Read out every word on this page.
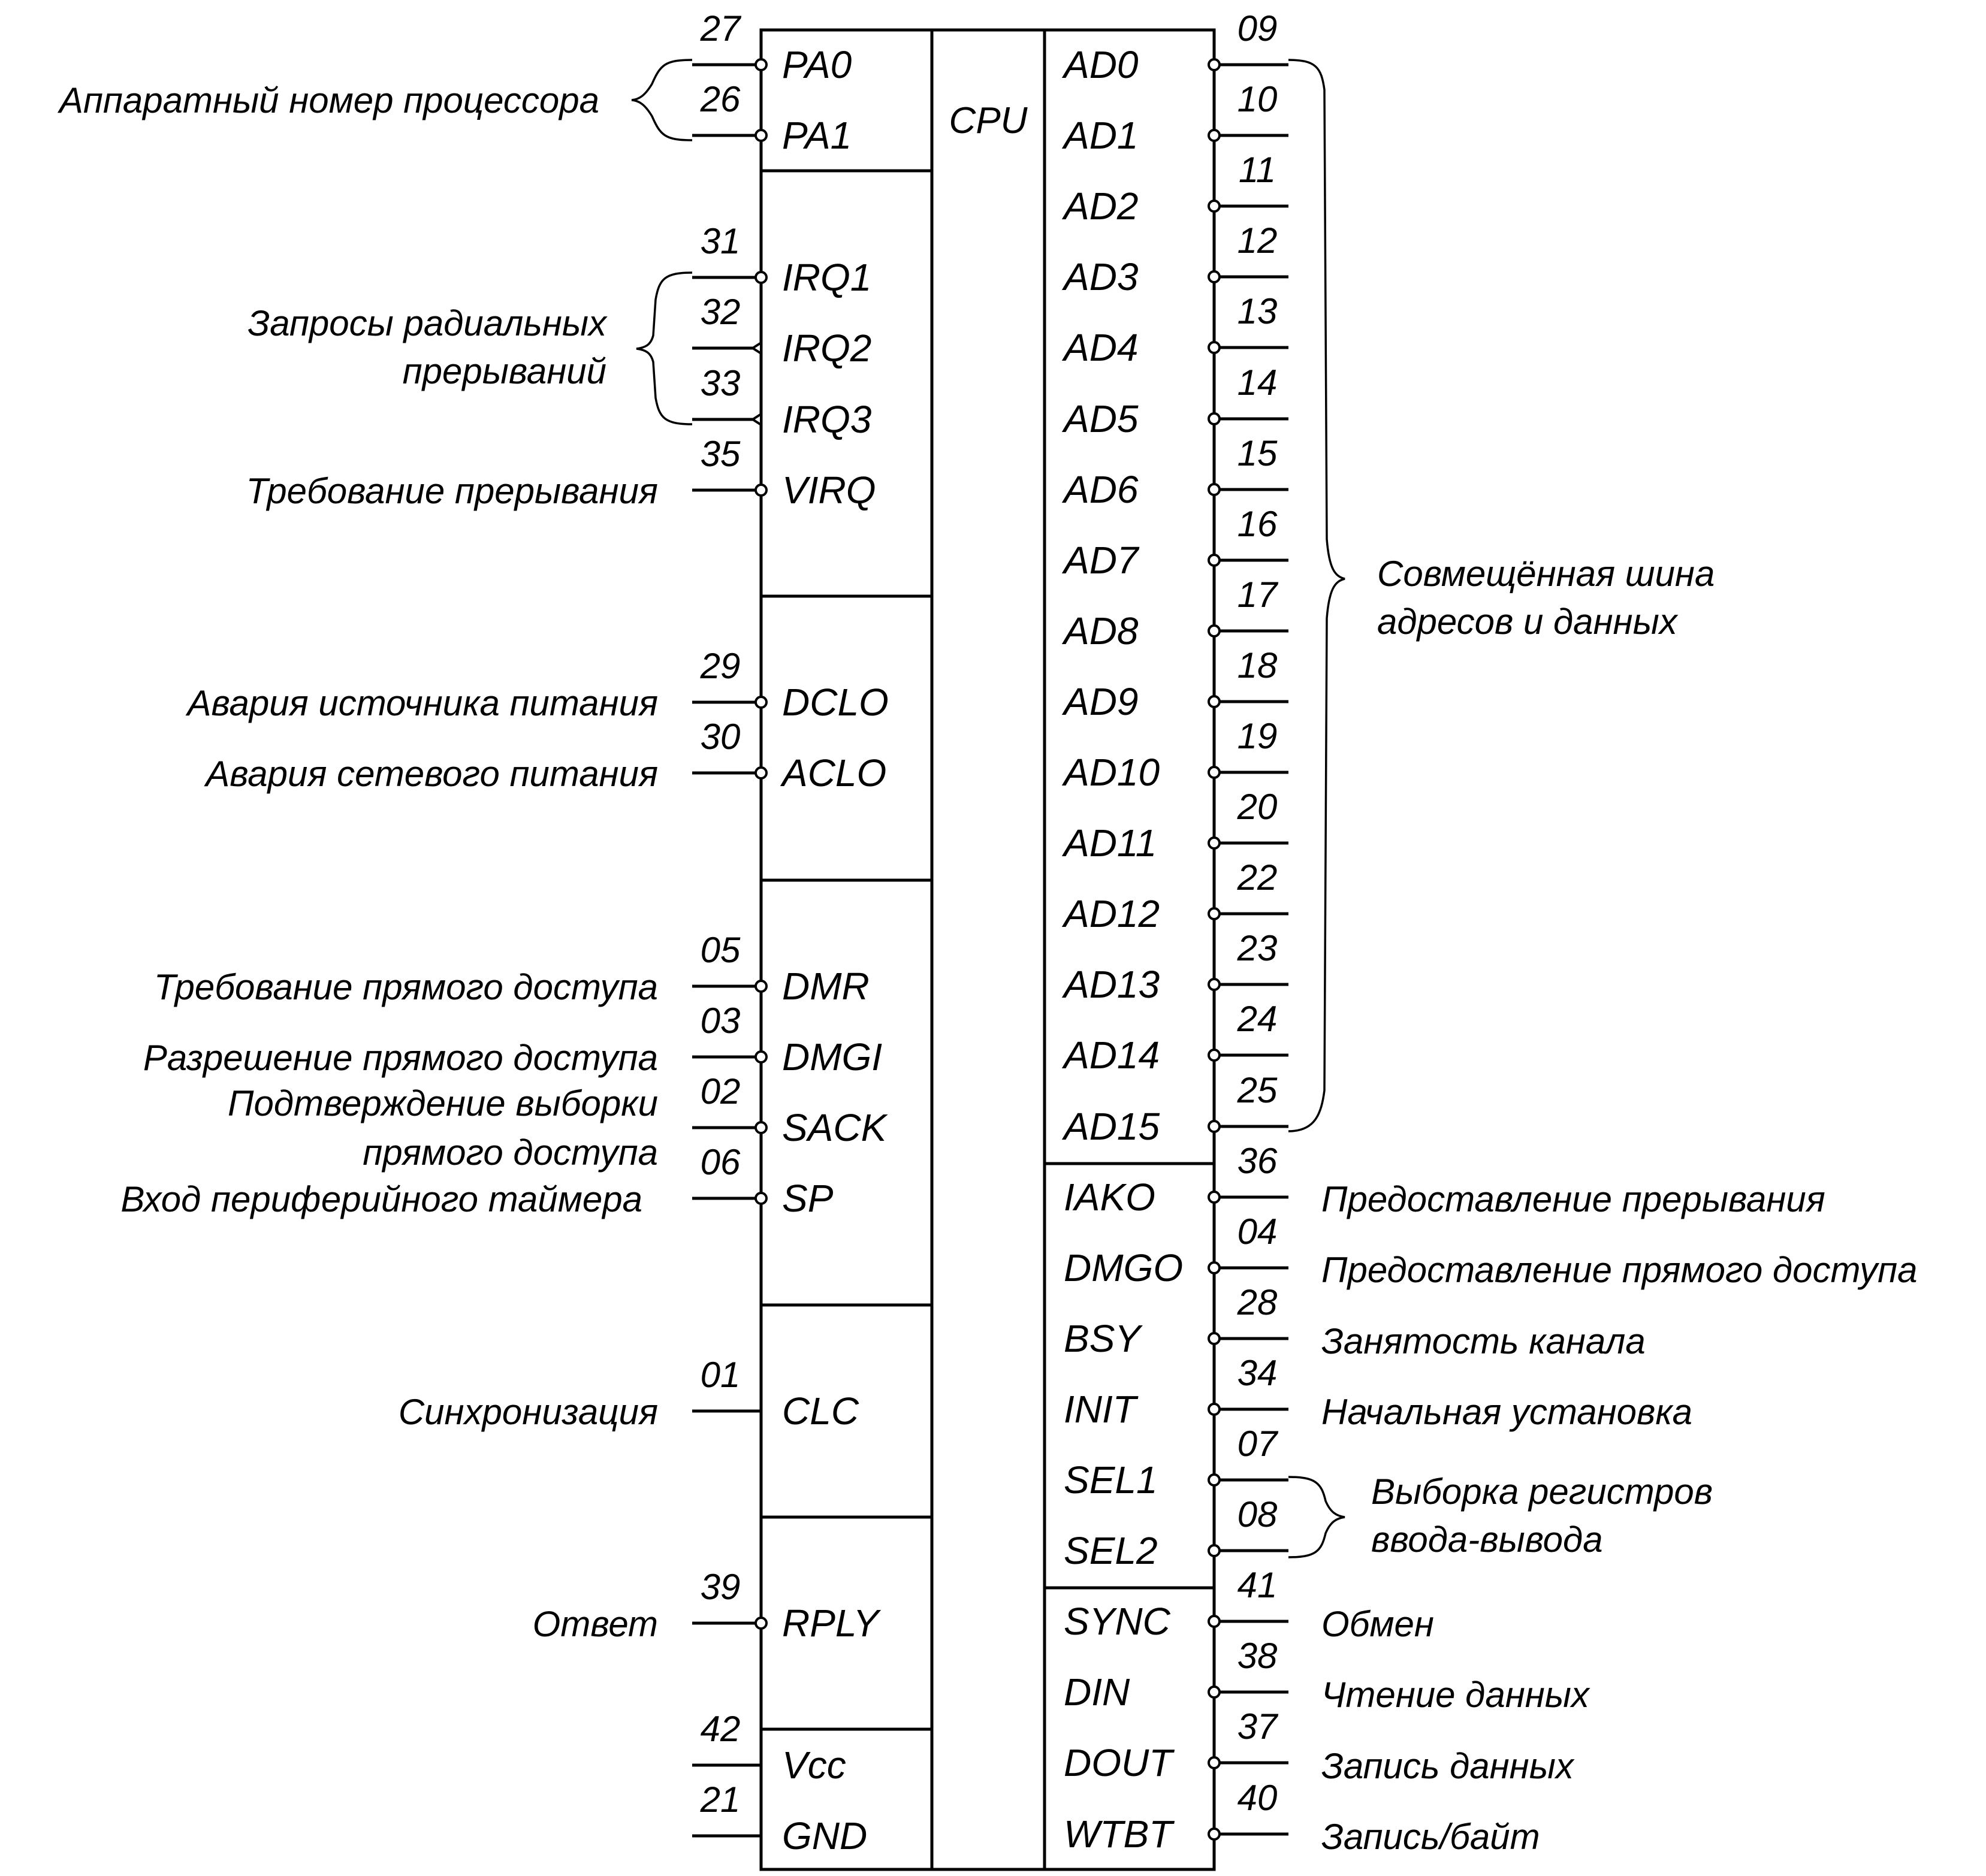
CPU
27
PA0
26
PA1
31
IRQ1
32
IRQ2
33
IRQ3
35
VIRQ
29
DCLO
30
ACLO
05
DMR
03
DMGI
02
SACK
06
SP
01
CLC
39
RPLY
42
Vcc
21
GND
09
AD0
10
AD1
11
AD2
12
AD3
13
AD4
14
AD5
15
AD6
16
AD7
17
AD8
18
AD9
19
AD10
20
AD11
22
AD12
23
AD13
24
AD14
25
AD15
36
IAKO
04
DMGO
28
BSY
34
INIT
07
SEL1
08
SEL2
41
SYNC
38
DIN
37
DOUT
40
WTBT
Аппаратный номер процессора
Запросы радиальных
прерываний
Требование прерывания
Авария источника питания
Авария сетевого питания
Требование прямого доступа
Разрешение прямого доступа
Подтверждение выборки
прямого доступа
Вход периферийного таймера
Синхронизация
Ответ
Совмещённая шина
адресов и данных
Предоставление прерывания
Предоставление прямого доступа
Занятость канала
Начальная установка
Выборка регистров
ввода-вывода
Обмен
Чтение данных
Запись данных
Запись/байт
